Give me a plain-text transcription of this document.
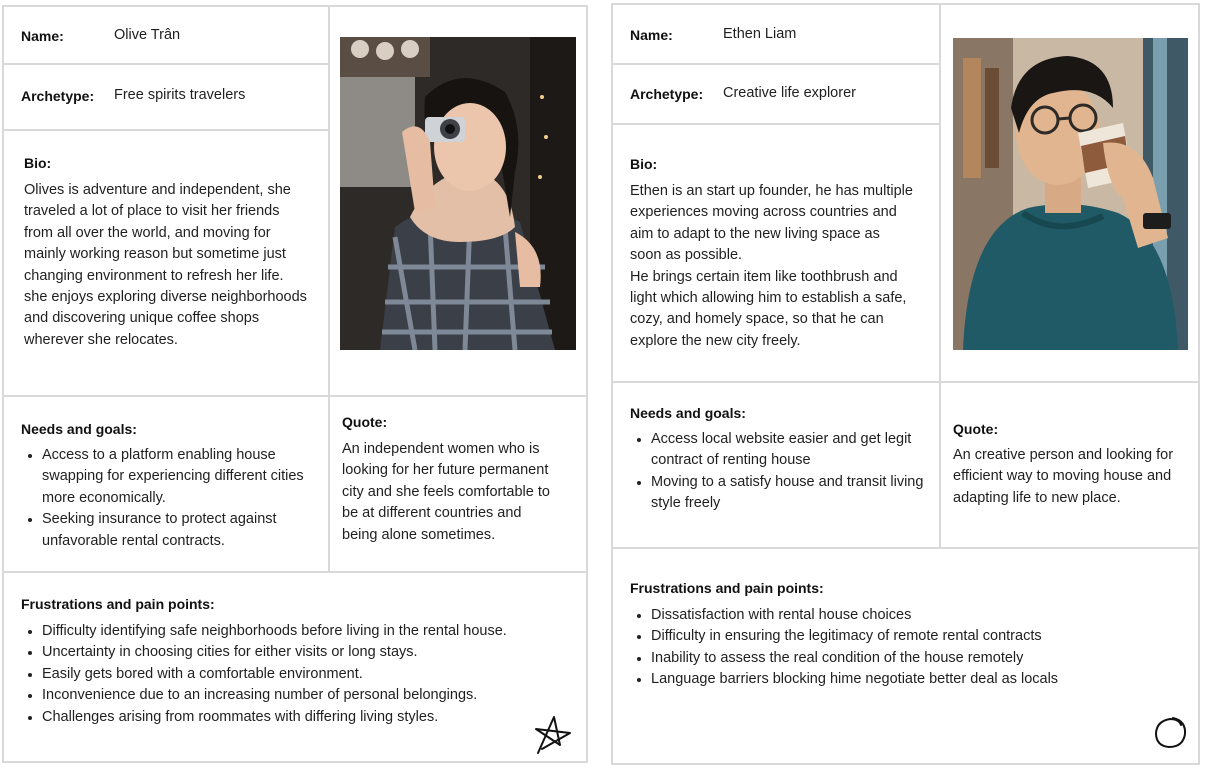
Name:	Olive Trân
Archetype: Free spirits travelers
Bio:
Olives is adventure and independent, she
traveled a lot of place to visit her friends
from all over the world, and moving for
mainly working reason but sometime just
changing environment to refresh her life.
she enjoys exploring diverse neighborhoods
and discovering unique coffee shops
wherever she relocates.
Needs and goals:
Access to a platform enabling house
swapping for experiencing different cities
more economically.
Seeking insurance to protect against
unfavorable rental contracts.
Quote:
An independent women who is
looking for her future permanent
city and she feels comfortable to
be at different countries and
being alone sometimes.
Frustrations and pain points:
Difficulty identifying safe neighborhoods before living in the rental house.
Uncertainty in choosing cities for either visits or long stays.
Easily gets bored with a comfortable environment.
Inconvenience due to an increasing number of personal belongings.
Challenges arising from roommates with differing living styles.
Name:	Ethen Liam
Archetype: Creative life explorer
Bio:
Ethen is an start up founder, he has multiple
experiences moving across countries and
aim to adapt to the new living space as
soon as possible.
He brings certain item like toothbrush and
light which allowing him to establish a safe,
cozy, and homely space, so that he can
explore the new city freely.
Needs and goals:
Access local website easier and get legit
contract of renting house
Moving to a satisfy house and transit living
style freely
Quote:
An creative person and looking for
efficient way to moving house and
adapting life to new place.
Frustrations and pain points:
Dissatisfaction with rental house choices
Difficulty in ensuring the legitimacy of remote rental contracts
Inability to assess the real condition of the house remotely
Language barriers blocking hime negotiate better deal as locals
